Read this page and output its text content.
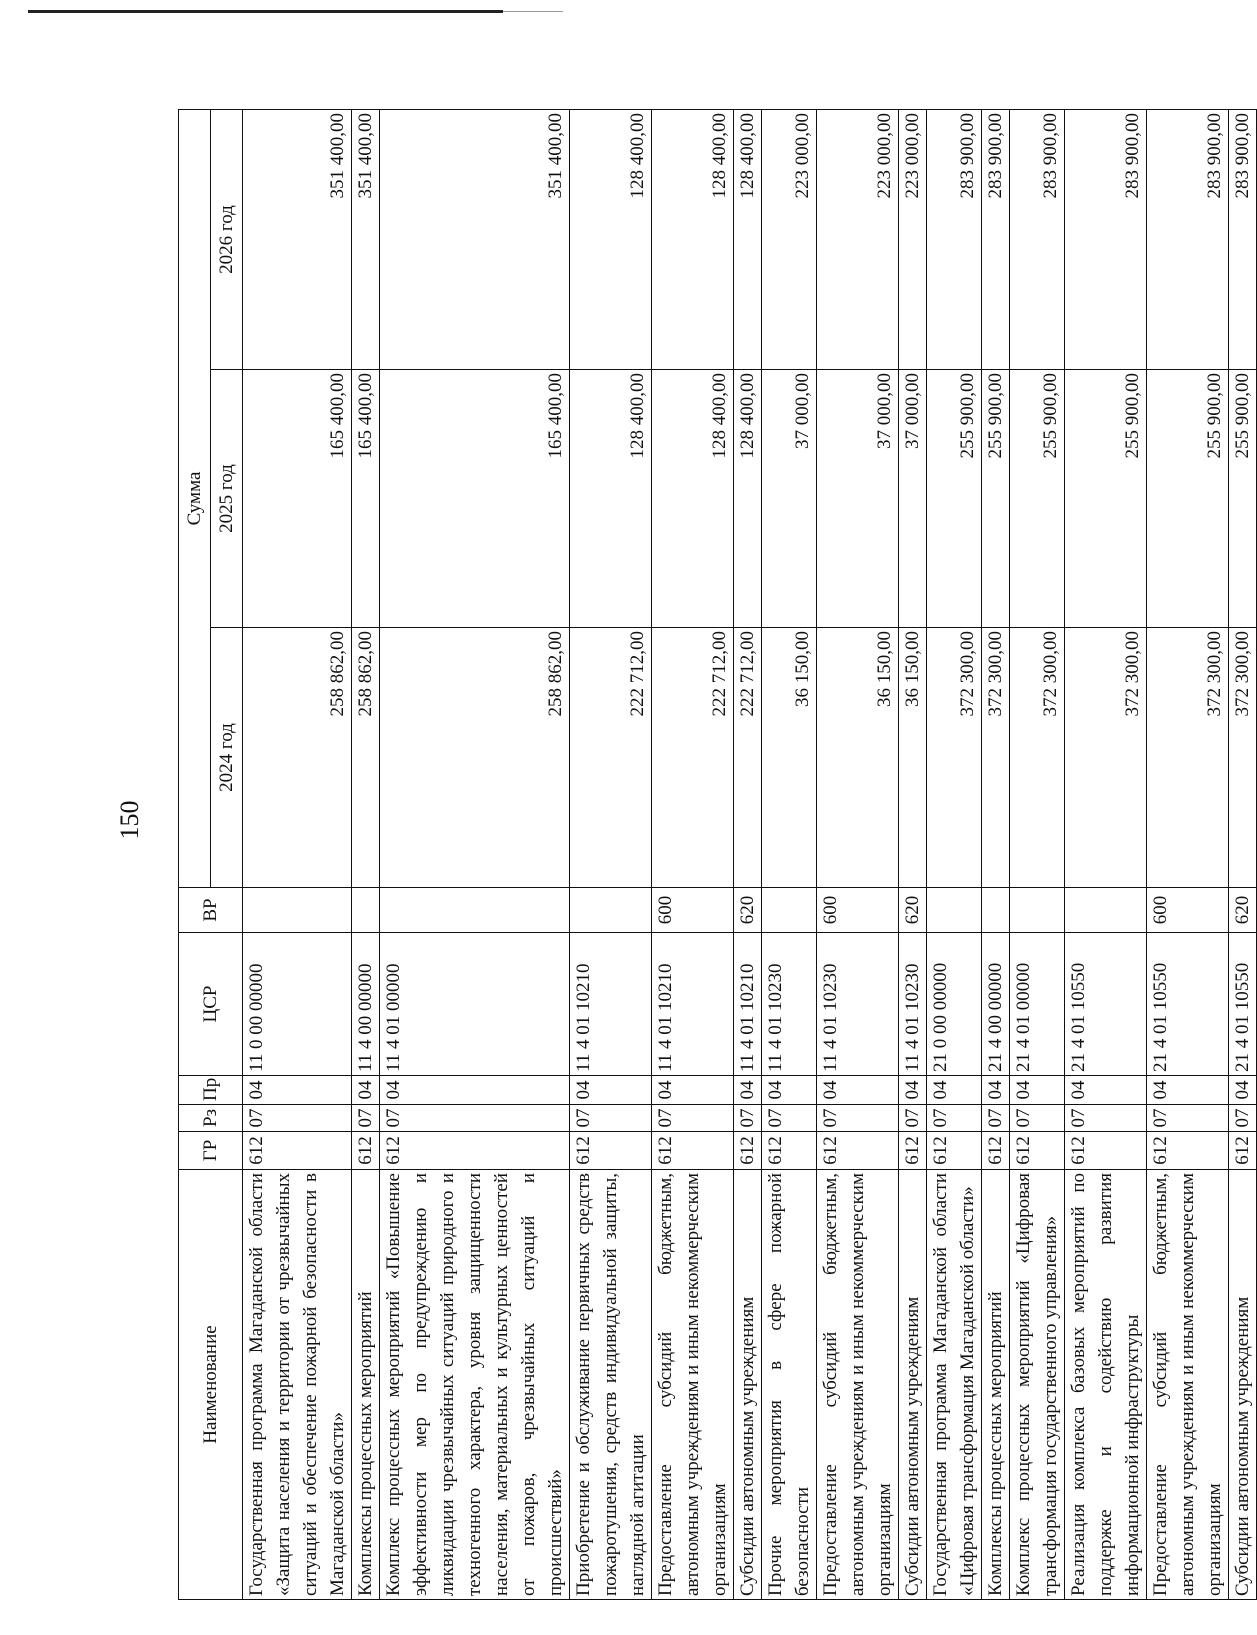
150
Наименование	ГР	Рз	Пр	ЦСР	ВР	Сумма		
						2024 год	2025 год	2026 год
Государственная программа Магаданской области «Защита населения и территории от чрезвычайных ситуаций и обеспечение пожарной безопасности в Магаданской области»	612	07	04	11 0 00 00000		258 862,00	165 400,00	351 400,00
Комплексы процессных мероприятий	612	07	04	11 4 00 00000		258 862,00	165 400,00	351 400,00
Комплекс процессных мероприятий «Повышение эффективности мер по предупреждению и ликвидации чрезвычайных ситуаций природного и техногенного характера, уровня защищенности населения, материальных и культурных ценностей от пожаров, чрезвычайных ситуаций и происшествий»	612	07	04	11 4 01 00000		258 862,00	165 400,00	351 400,00
Приобретение и обслуживание первичных средств пожаротушения, средств индивидуальной защиты, наглядной агитации	612	07	04	11 4 01 10210		222 712,00	128 400,00	128 400,00
Предоставление субсидий бюджетным, автономным учреждениям и иным некоммерческим организациям	612	07	04	11 4 01 10210	600	222 712,00	128 400,00	128 400,00
Субсидии автономным учреждениям	612	07	04	11 4 01 10210	620	222 712,00	128 400,00	128 400,00
Прочие мероприятия в сфере пожарной безопасности	612	07	04	11 4 01 10230		36 150,00	37 000,00	223 000,00
Предоставление субсидий бюджетным, автономным учреждениям и иным некоммерческим организациям	612	07	04	11 4 01 10230	600	36 150,00	37 000,00	223 000,00
Субсидии автономным учреждениям	612	07	04	11 4 01 10230	620	36 150,00	37 000,00	223 000,00
Государственная программа Магаданской области «Цифровая трансформация Магаданской области»	612	07	04	21 0 00 00000		372 300,00	255 900,00	283 900,00
Комплексы процессных мероприятий	612	07	04	21 4 00 00000		372 300,00	255 900,00	283 900,00
Комплекс процессных мероприятий «Цифровая трансформация государственного управления»	612	07	04	21 4 01 00000		372 300,00	255 900,00	283 900,00
Реализация комплекса базовых мероприятий по поддержке и содействию развития информационной инфраструктуры	612	07	04	21 4 01 10550		372 300,00	255 900,00	283 900,00
Предоставление субсидий бюджетным, автономным учреждениям и иным некоммерческим организациям	612	07	04	21 4 01 10550	600	372 300,00	255 900,00	283 900,00
Субсидии автономным учреждениям	612	07	04	21 4 01 10550	620	372 300,00	255 900,00	283 900,00
